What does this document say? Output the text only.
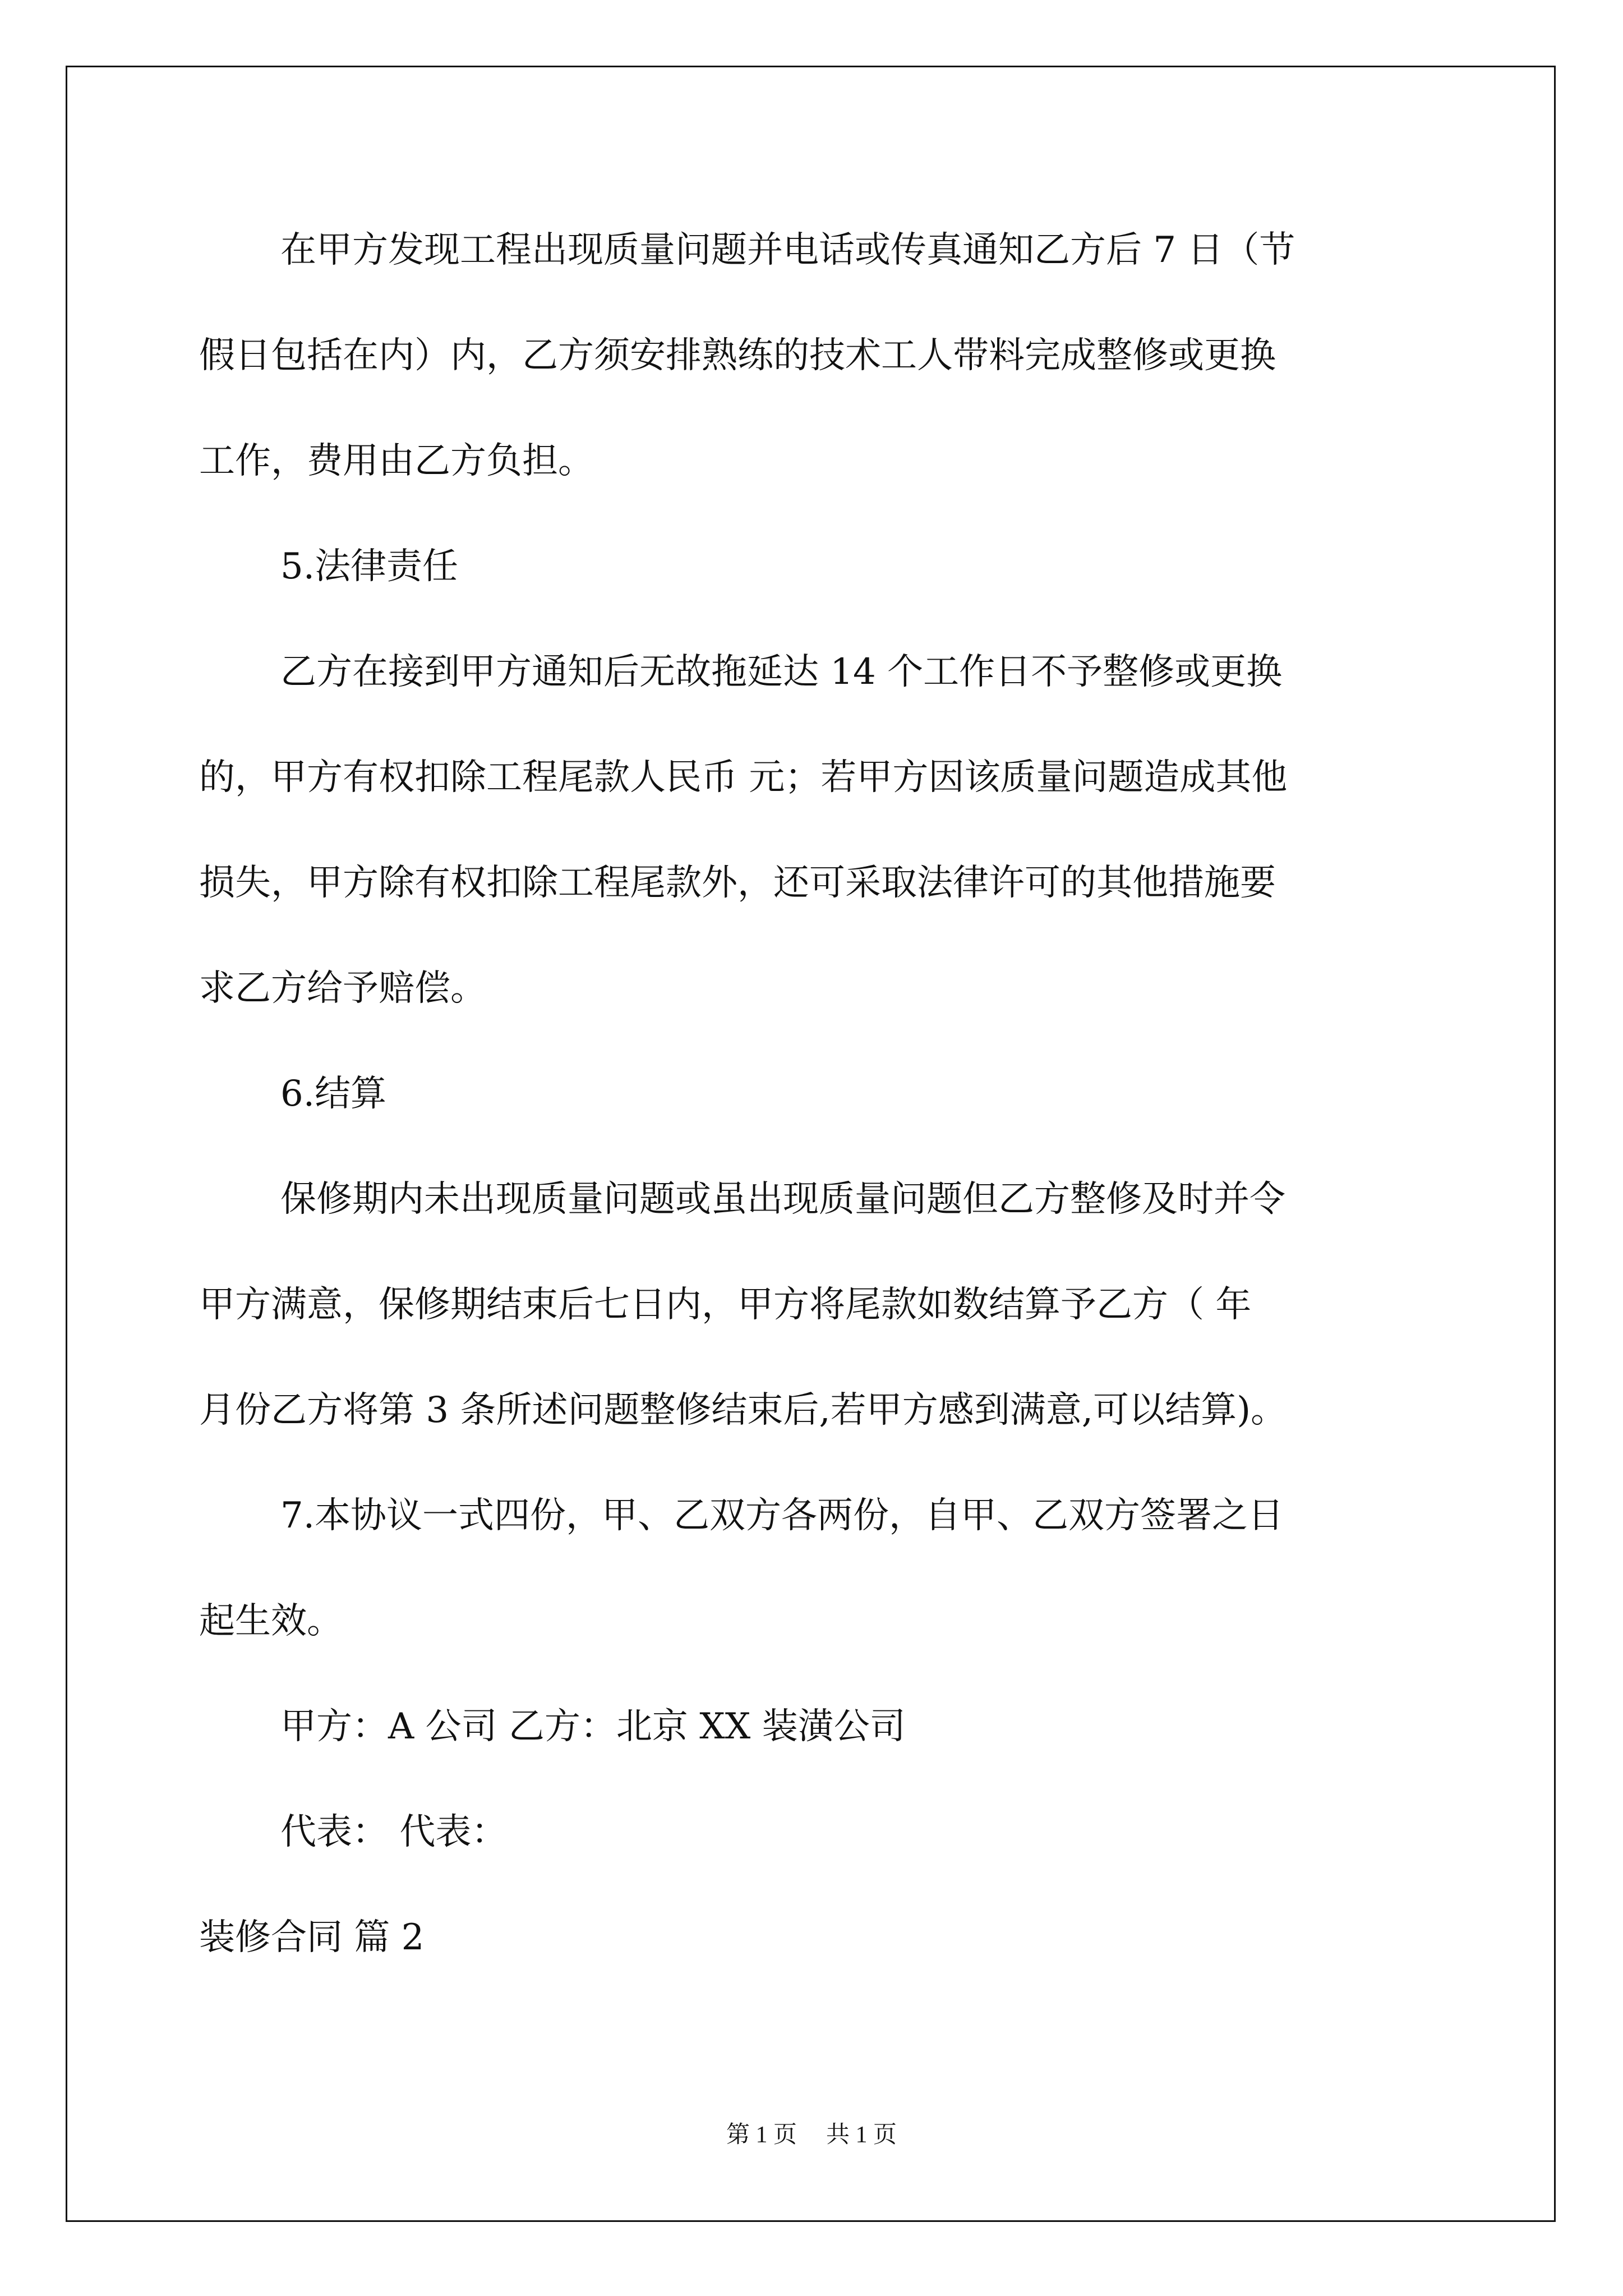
在甲方发现工程出现质量问题并电话或传真通知乙方后 7 日（节
假日包括在内）内，乙方须安排熟练的技术工人带料完成整修或更换
工作，费用由乙方负担。
5.法律责任
乙方在接到甲方通知后无故拖延达 14 个工作日不予整修或更换
的，甲方有权扣除工程尾款人民币 元；若甲方因该质量问题造成其他
损失，甲方除有权扣除工程尾款外，还可采取法律许可的其他措施要
求乙方给予赔偿。
6.结算
保修期内未出现质量问题或虽出现质量问题但乙方整修及时并令
甲方满意，保修期结束后七日内，甲方将尾款如数结算予乙方（ 年
月份乙方将第 3 条所述问题整修结束后,若甲方感到满意,可以结算)。
7.本协议一式四份，甲、乙双方各两份，自甲、乙双方签署之日
起生效。
甲方：A 公司 乙方：北京 XX 装潢公司
代表： 代表：
装修合同 篇 2
第 1 页 共 1 页
